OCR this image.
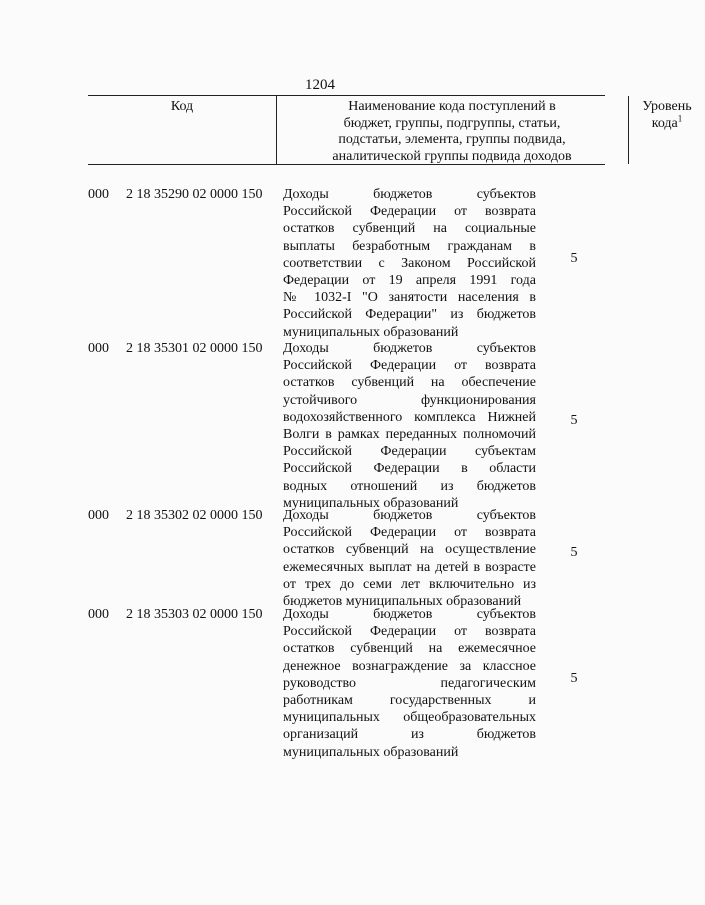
1204
Код	Наименование кода поступлений в
бюджет, группы, подгруппы, статьи,
подстатьи, элемента, группы подвида,
аналитической группы подвида доходов
Уровень
кода$^1$
000 2 18 35290 02 0000 150 Доходы бюджетов субъектов
Российской Федерации от возврата
остатков субвенций на социальные
выплаты безработным гражданам в
соответствии с Законом Российской
Федерации от 19 апреля 1991 года
№ 1032-I "О занятости населения в
Российской Федерации" из бюджетов
муниципальных образований
5
000 2 18 35301 02 0000 150 Доходы бюджетов субъектов
Российской Федерации от возврата
остатков субвенций на обеспечение
устойчивого функционирования
водохозяйственного комплекса Нижней
Волги в рамках переданных полномочий
Российской Федерации субъектам
Российской Федерации в области
водных отношений из бюджетов
муниципальных образований
5
000 2 18 35302 02 0000 150 Доходы бюджетов субъектов
Российской Федерации от возврата
остатков субвенций на осуществление
ежемесячных выплат на детей в возрасте
от трех до семи лет включительно из
бюджетов муниципальных образований
5
000 2 18 35303 02 0000 150 Доходы бюджетов субъектов
Российской Федерации от возврата
остатков субвенций на ежемесячное
денежное вознаграждение за классное
руководство педагогическим
работникам государственных и
муниципальных общеобразовательных
организаций из бюджетов
муниципальных образований
5
